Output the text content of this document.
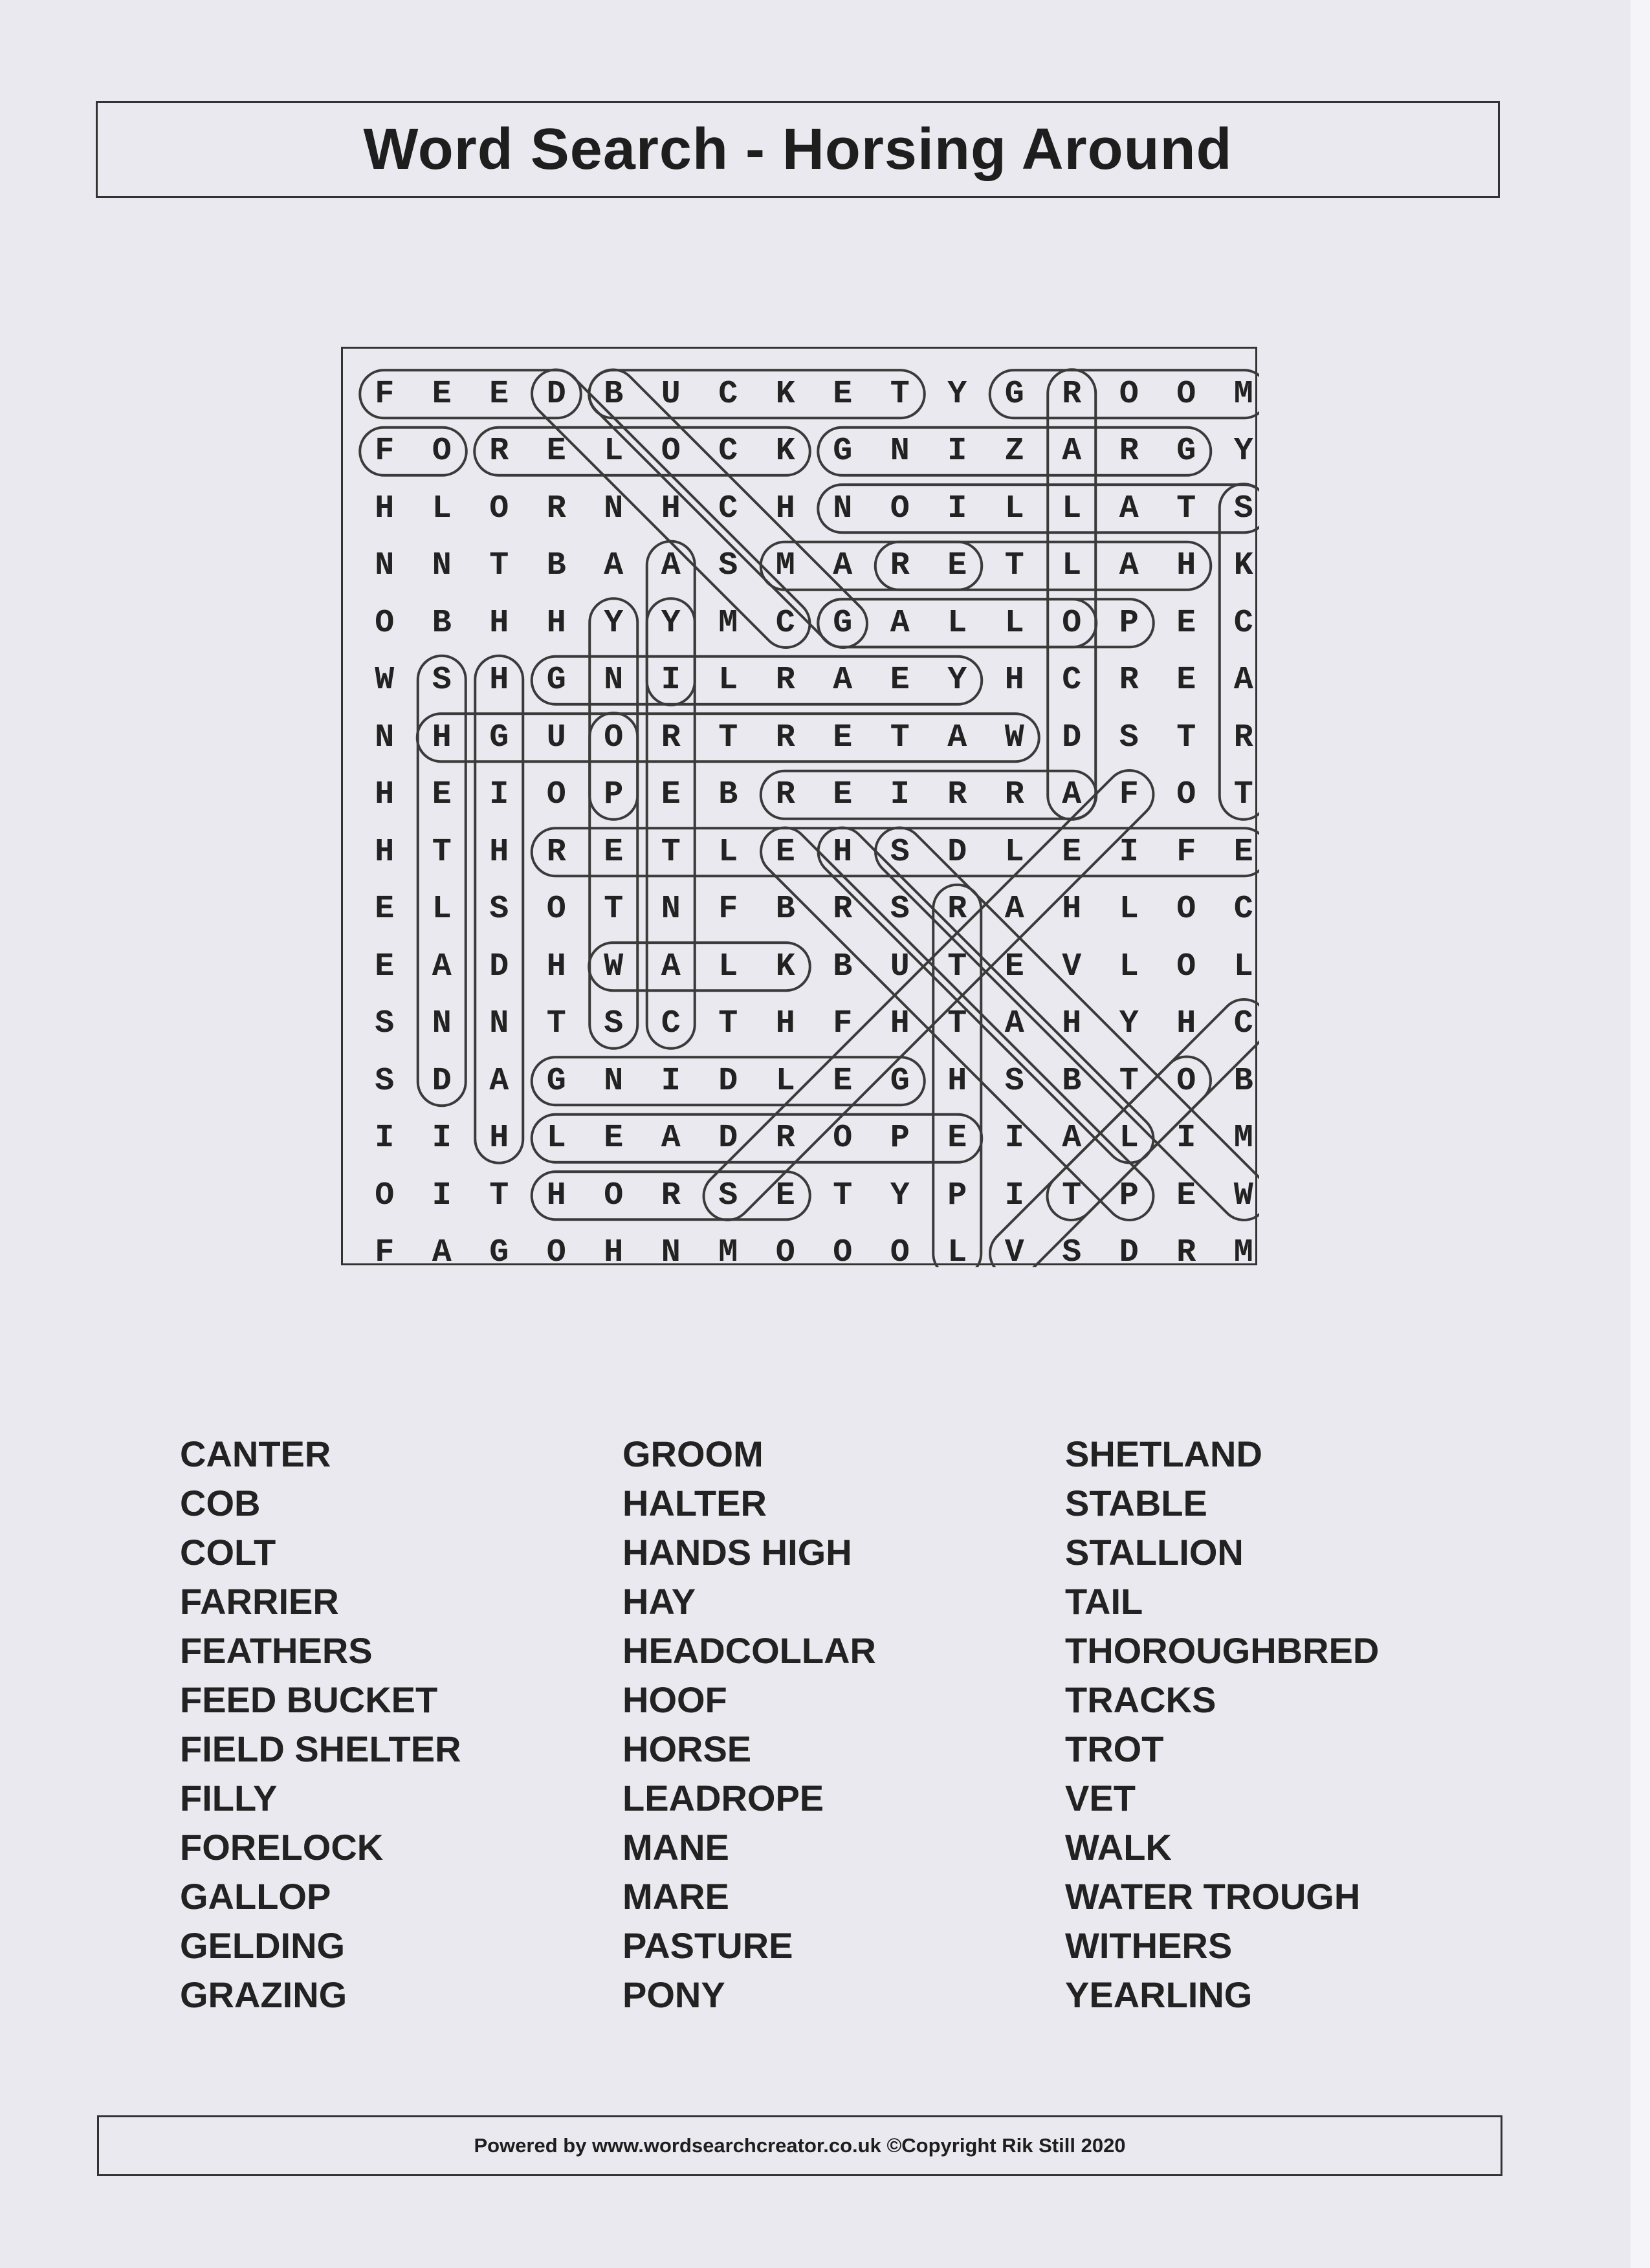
Word Search - Horsing Around
F	E	E	D	B	U	C	K	E	T	Y	G	R	O	O	M
F	O	R	E	L	O	C	K	G	N	I	Z	A	R	G	Y
H	L	O	R	N	H	C	H	N	O	I	L	L	A	T	S
N	N	T	B	A	A	S	M	A	R	E	T	L	A	H	K
O	B	H	H	Y	Y	M	C	G	A	L	L	O	P	E	C
W	S	H	G	N	I	L	R	A	E	Y	H	C	R	E	A
N	H	G	U	O	R	T	R	E	T	A	W	D	S	T	R
H	E	I	O	P	E	B	R	E	I	R	R	A	F	O	T
H	T	H	R	E	T	L	E	H	S	D	L	E	I	F	E
E	L	S	O	T	N	F	B	R	S	R	A	H	L	O	C
E	A	D	H	W	A	L	K	B	U	T	E	V	L	O	L
S	N	N	T	S	C	T	H	F	H	T	A	H	Y	H	C
S	D	A	G	N	I	D	L	E	G	H	S	B	T	O	B
I	I	H	L	E	A	D	R	O	P	E	I	A	L	I	M
O	I	T	H	O	R	S	E	T	Y	P	I	T	P	E	W
F	A	G	O	H	N	M	O	O	O	L	V	S	D	R	M
CANTER
COB
COLT
FARRIER
FEATHERS
FEED BUCKET
FIELD SHELTER
FILLY
FORELOCK
GALLOP
GELDING
GRAZING
GROOM
HALTER
HANDS HIGH
HAY
HEADCOLLAR
HOOF
HORSE
LEADROPE
MANE
MARE
PASTURE
PONY
SHETLAND
STABLE
STALLION
TAIL
THOROUGHBRED
TRACKS
TROT
VET
WALK
WATER TROUGH
WITHERS
YEARLING
Powered by www.wordsearchcreator.co.uk ©Copyright Rik Still 2020
